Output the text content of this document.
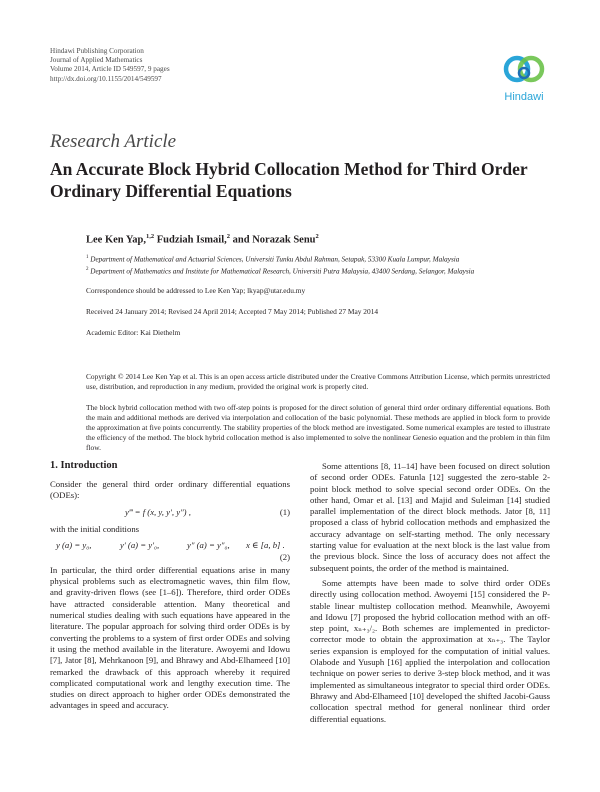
Hindawi Publishing Corporation
Journal of Applied Mathematics
Volume 2014, Article ID 549597, 9 pages
http://dx.doi.org/10.1155/2014/549597
Hindawi
Research Article
An Accurate Block Hybrid Collocation Method for Third Order
Ordinary Differential Equations
Lee Ken Yap,$^{1,2}$ Fudziah Ismail,$^2$ and Norazak Senu$^2$
$^1$ Department of Mathematical and Actuarial Sciences, Universiti Tunku Abdul Rahman, Setapak, 53300 Kuala Lumpur, Malaysia
$^2$ Department of Mathematics and Institute for Mathematical Research, Universiti Putra Malaysia, 43400 Serdang, Selangor, Malaysia
Correspondence should be addressed to Lee Ken Yap; lkyap@utar.edu.my
Received 24 January 2014; Revised 24 April 2014; Accepted 7 May 2014; Published 27 May 2014
Academic Editor: Kai Diethelm
Copyright © 2014 Lee Ken Yap et al. This is an open access article distributed under the Creative Commons Attribution License, which permits unrestricted use, distribution, and reproduction in any medium, provided the original work is properly cited.
The block hybrid collocation method with two off-step points is proposed for the direct solution of general third order ordinary differential equations. Both the main and additional methods are derived via interpolation and collocation of the basic polynomial. These methods are applied in block form to provide the approximation at five points concurrently. The stability properties of the block method are investigated. Some numerical examples are tested to illustrate the efficiency of the method. The block hybrid collocation method is also implemented to solve the nonlinear Genesio equation and the problem in thin film flow.
1. Introduction

Consider the general third order ordinary differential equations (ODEs):

y‴ = f (x, y, y′, y″) ,	(1)

with the initial conditions

y (a) = y₀,	y′ (a) = y′₀,	y″ (a) = y″₀, x ∈ [a, b] .
(2)

In particular, the third order differential equations arise in many physical problems such as electromagnetic waves, thin film flow, and gravity-driven flows (see [1–6]). Therefore, third order ODEs have attracted considerable attention. Many theoretical and numerical studies dealing with such equations have appeared in the literature. The popular approach for solving third order ODEs is by converting the problems to a system of first order ODEs and solving it using the method available in the literature. Awoyemi and Idowu [7], Jator [8], Mehrkanoon [9], and Bhrawy and Abd-Elhameed [10] remarked the drawback of this approach whereby it required complicated computational work and lengthy execution time. The studies on direct approach to higher order ODEs demonstrated the advantages in speed and accuracy.

Some attentions [8, 11–14] have been focused on direct solution of second order ODEs. Fatunla [12] suggested the zero-stable 2-point block method to solve special second order ODEs. On the other hand, Omar et al. [13] and Majid and Suleiman [14] studied parallel implementation of the direct block methods. Jator [8, 11] proposed a class of hybrid collocation methods and emphasized the accuracy advantage on self-starting method. The only necessary starting value for evaluation at the next block is the last value from the previous block. Since the loss of accuracy does not affect the subsequent points, the order of the method is maintained.

Some attempts have been made to solve third order ODEs directly using collocation method. Awoyemi [15] considered the P-stable linear multistep collocation method. Meanwhile, Awoyemi and Idowu [7] proposed the hybrid collocation method with an off-step point, xₙ₊₃/₂. Both schemes are implemented in predictor-corrector mode to obtain the approximation at xₙ₊₃. The Taylor series expansion is employed for the computation of initial values. Olabode and Yusuph [16] applied the interpolation and collocation technique on power series to derive 3-step block method, and it was implemented as simultaneous integrator to special third order ODEs. Bhrawy and Abd-Elhameed [10] developed the shifted Jacobi-Gauss collocation spectral method for general nonlinear third order differential equations.
